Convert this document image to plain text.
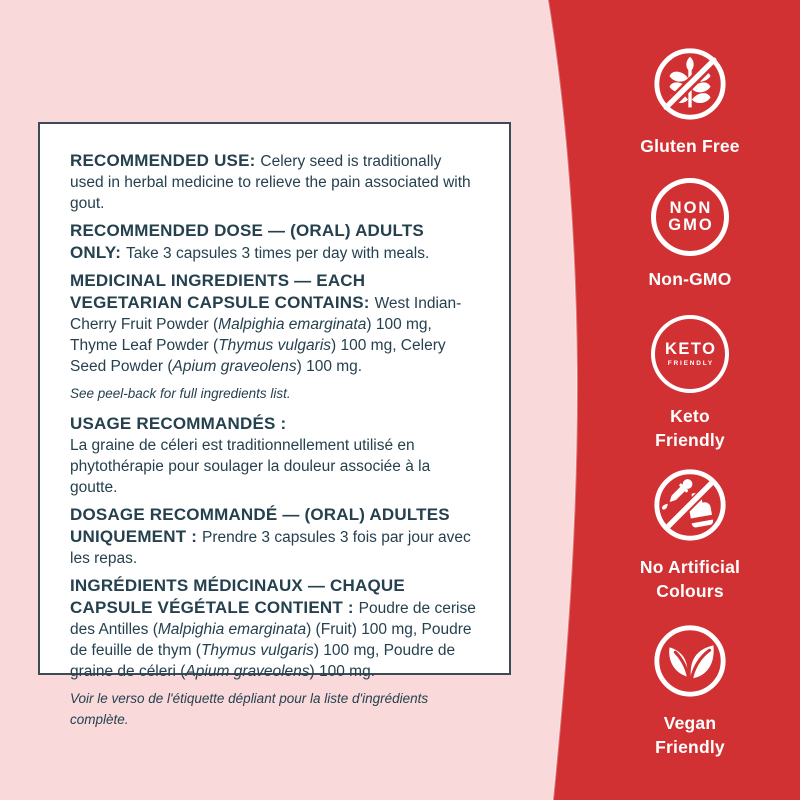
RECOMMENDED USE: Celery seed is traditionally used in herbal medicine to relieve the pain associated with gout.

RECOMMENDED DOSE — (ORAL) ADULTS ONLY: Take 3 capsules 3 times per day with meals.

MEDICINAL INGREDIENTS — EACH VEGETARIAN CAPSULE CONTAINS: West Indian-Cherry Fruit Powder (Malpighia emarginata) 100 mg, Thyme Leaf Powder (Thymus vulgaris) 100 mg, Celery Seed Powder (Apium graveolens) 100 mg.

See peel-back for full ingredients list.

USAGE RECOMMANDÉS :
La graine de céleri est traditionnellement utilisé en phytothérapie pour soulager la douleur associée à la goutte.

DOSAGE RECOMMANDÉ — (ORAL) ADULTES UNIQUEMENT : Prendre 3 capsules 3 fois par jour avec les repas.

INGRÉDIENTS MÉDICINAUX — CHAQUE CAPSULE VÉGÉTALE CONTIENT : Poudre de cerise des Antilles (Malpighia emarginata) (Fruit) 100 mg, Poudre de feuille de thym (Thymus vulgaris) 100 mg, Poudre de graine de céleri (Apium graveolens) 100 mg.

Voir le verso de l'étiquette dépliant pour la liste d'ingrédients complète.

Gluten Free
NON
GMO
Non-GMO
KETO
FRIENDLY
Keto
Friendly
No Artificial
Colours
Vegan
Friendly
